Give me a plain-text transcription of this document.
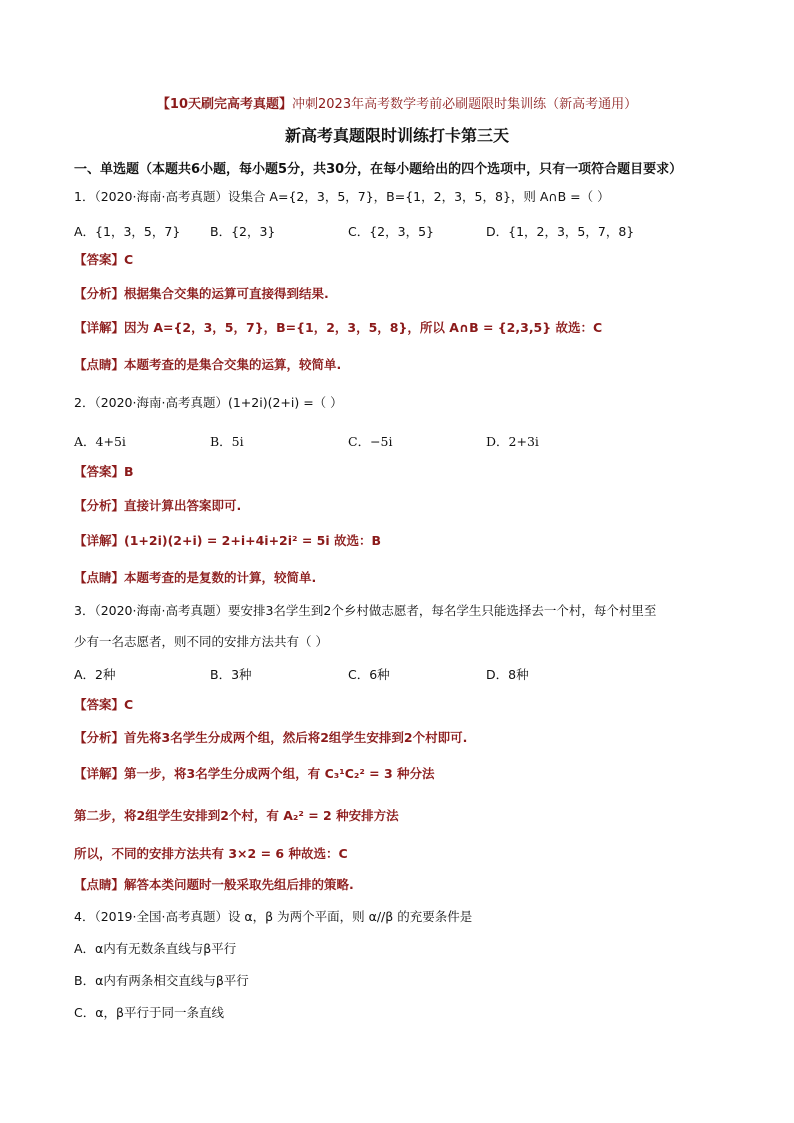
【10天刷完高考真题】冲刺2023年高考数学考前必刷题限时集训练（新高考通用）
新高考真题限时训练打卡第三天
一、单选题（本题共6小题，每小题5分，共30分，在每小题给出的四个选项中，只有一项符合题目要求）
1．（2020·海南·高考真题）设集合 A={2，3，5，7}，B={1，2，3，5，8}，则 A∩B =（ ）
A．{1，3，5，7} B．{2，3}	C．{2，3，5}	D．{1，2，3，5，7，8}
【答案】C
【分析】根据集合交集的运算可直接得到结果.
【详解】因为 A={2，3，5，7}，B={1，2，3，5，8}，所以 A∩B = {2,3,5} 故选：C
【点睛】本题考查的是集合交集的运算，较简单.
2．（2020·海南·高考真题）(1+2i)(2+i) =（ ）
A．4+5i	B．5i	C．−5i	D．2+3i
【答案】B
【分析】直接计算出答案即可.
【详解】(1+2i)(2+i) = 2+i+4i+2i² = 5i 故选：B
【点睛】本题考查的是复数的计算，较简单.
3．（2020·海南·高考真题）要安排3名学生到2个乡村做志愿者，每名学生只能选择去一个村，每个村里至
少有一名志愿者，则不同的安排方法共有（ ）
A．2种	B．3种	C．6种	D．8种
【答案】C
【分析】首先将3名学生分成两个组，然后将2组学生安排到2个村即可.
【详解】第一步，将3名学生分成两个组，有 C₃¹C₂² = 3 种分法
第二步，将2组学生安排到2个村，有 A₂² = 2 种安排方法
所以，不同的安排方法共有 3×2 = 6 种故选：C
【点睛】解答本类问题时一般采取先组后排的策略.
4．（2019·全国·高考真题）设 α，β 为两个平面，则 α//β 的充要条件是
A．α内有无数条直线与β平行
B．α内有两条相交直线与β平行
C．α，β平行于同一条直线
